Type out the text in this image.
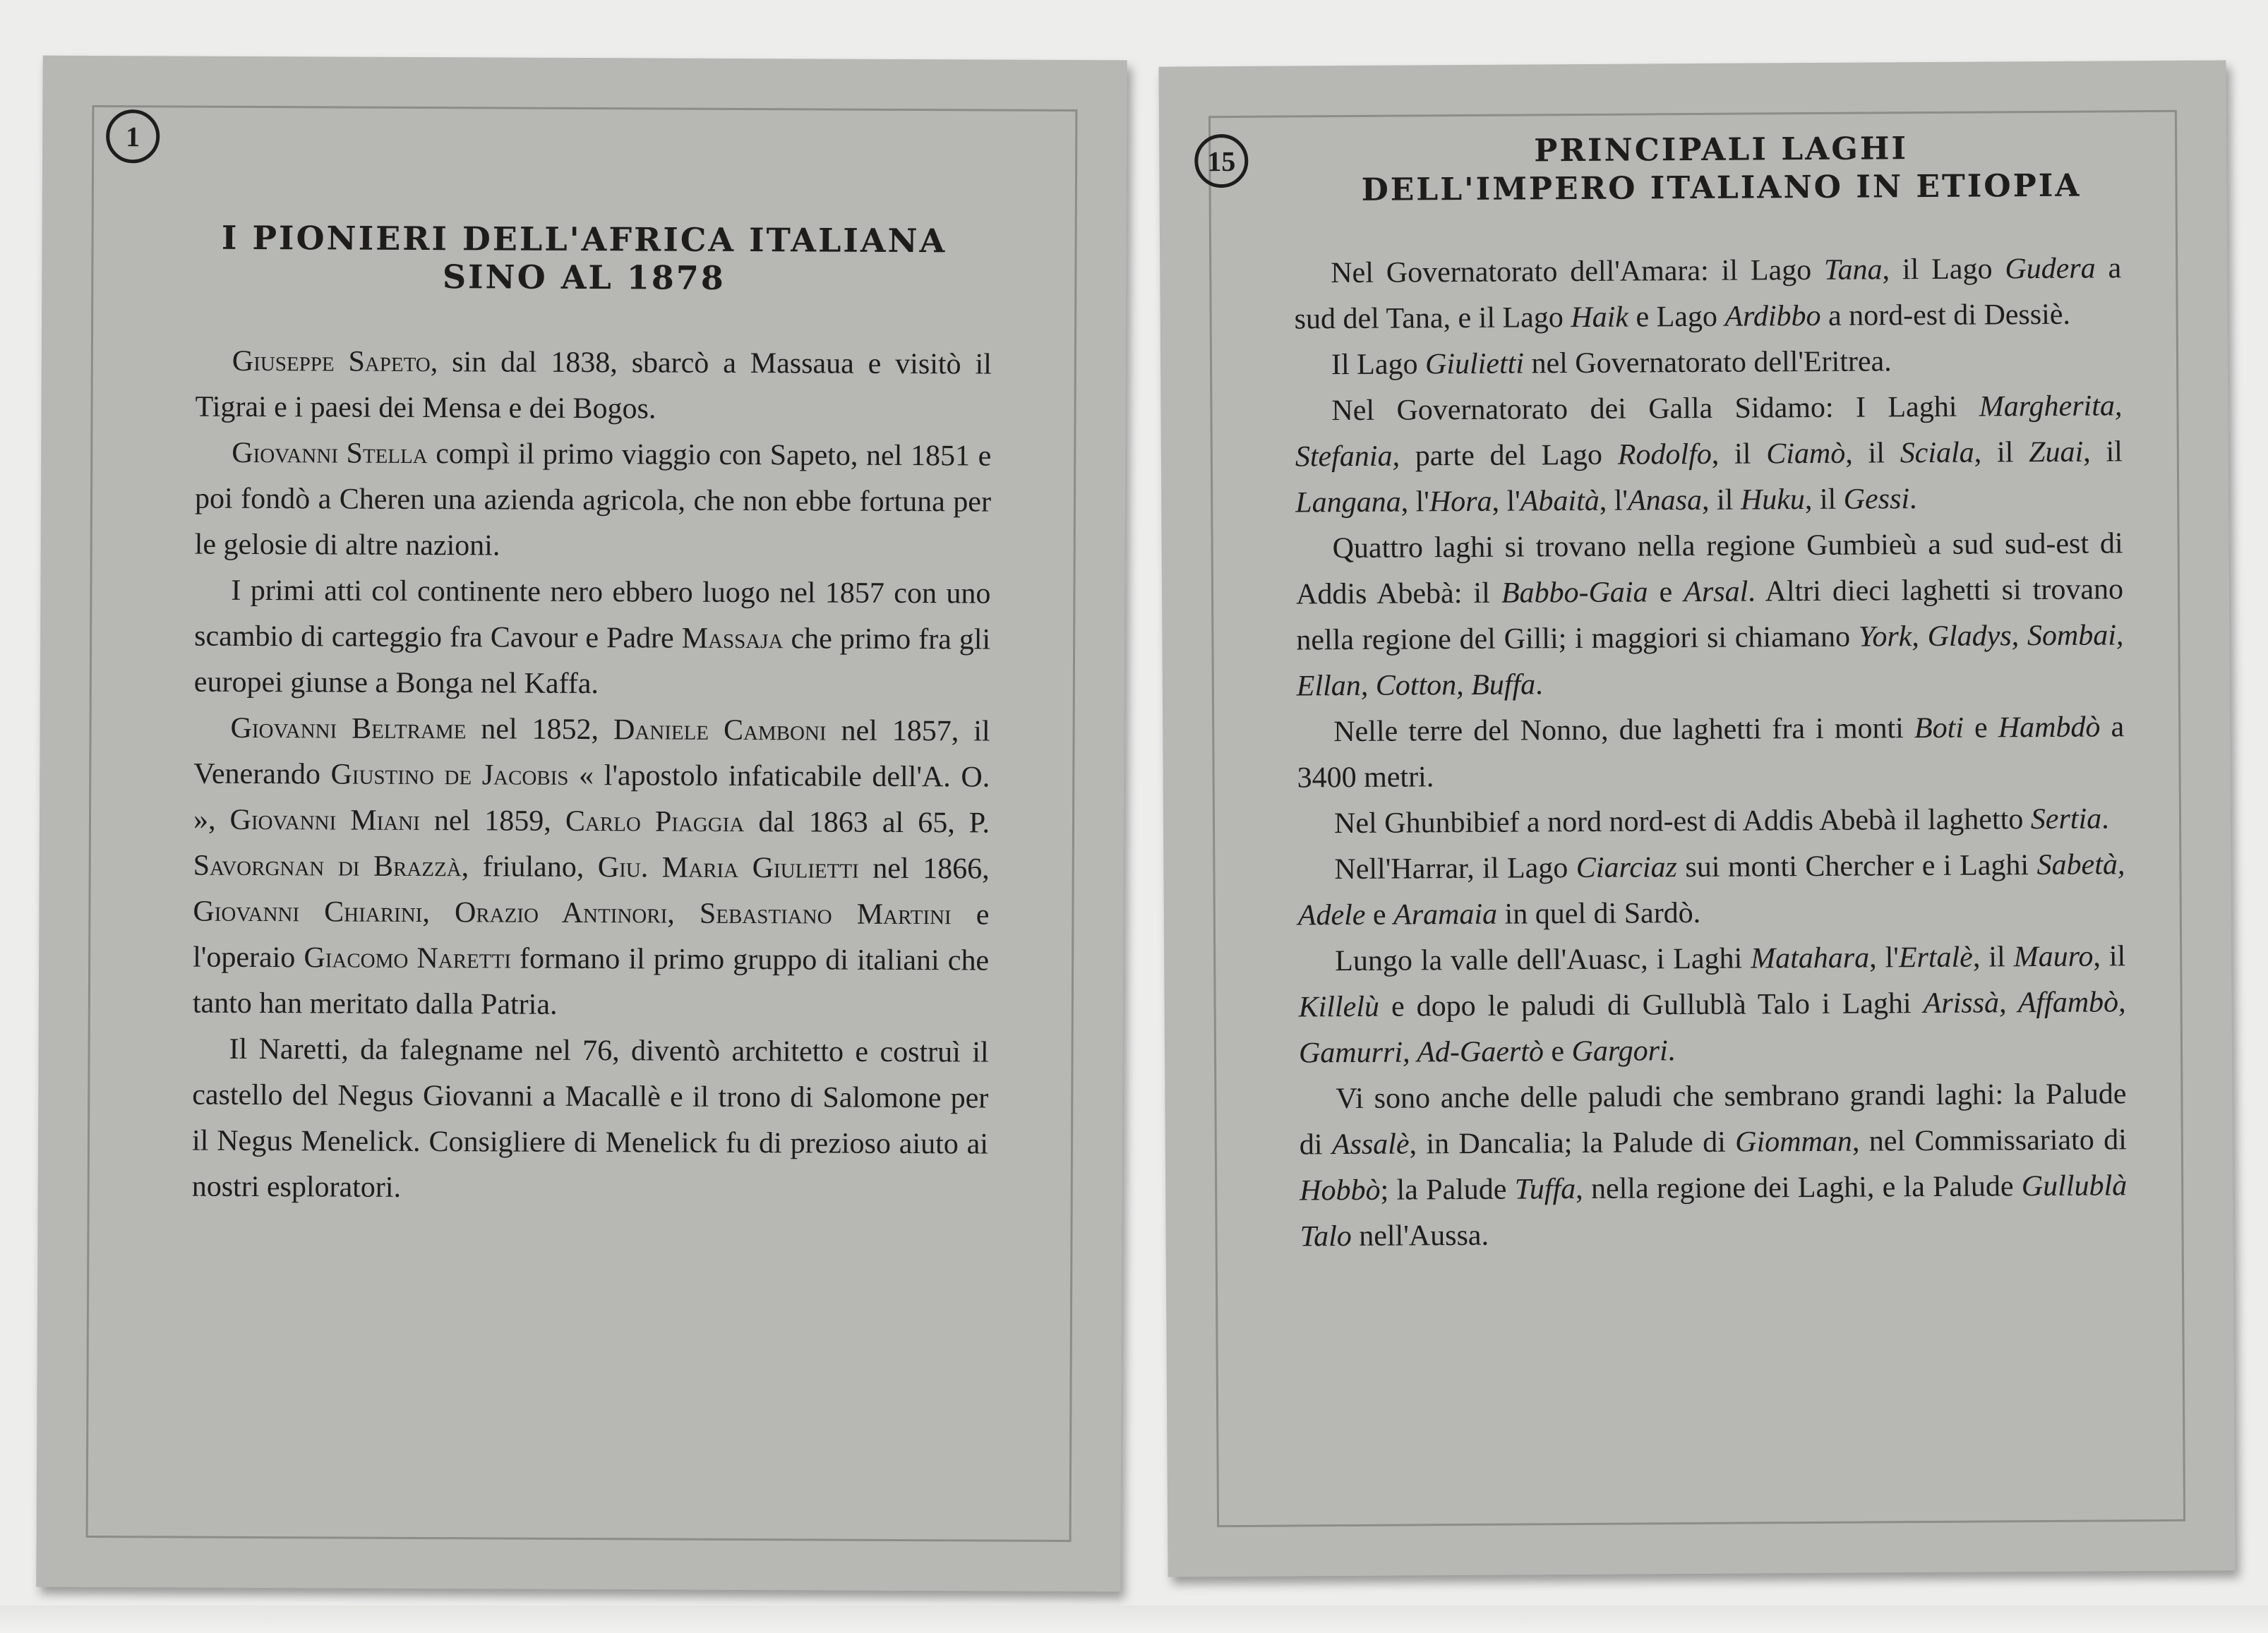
1
I PIONIERI DELL'AFRICA ITALIANA
SINO AL 1878

Giuseppe Sapeto, sin dal 1838, sbarcò a Massaua e visitò il Tigrai e i paesi dei Mensa e dei Bogos.

Giovanni Stella compì il primo viaggio con Sapeto, nel 1851 e poi fondò a Cheren una azienda agricola, che non ebbe fortuna per le gelosie di altre nazioni.

I primi atti col continente nero ebbero luogo nel 1857 con uno scambio di carteggio fra Cavour e Padre Massaja che primo fra gli europei giunse a Bonga nel Kaffa.

Giovanni Beltrame nel 1852, Daniele Camboni nel 1857, il Venerando Giustino de Jacobis « l'apostolo infaticabile dell'A. O. », Giovanni Miani nel 1859, Carlo Piaggia dal 1863 al 65, P. Savorgnan di Brazzà, friulano, Giu. Maria Giulietti nel 1866, Giovanni Chiarini, Orazio Antinori, Sebastiano Martini e l'operaio Giacomo Naretti formano il primo gruppo di italiani che tanto han meritato dalla Patria.

Il Naretti, da falegname nel 76, diventò architetto e costruì il castello del Negus Giovanni a Macallè e il trono di Salomone per il Negus Menelick. Consigliere di Menelick fu di prezioso aiuto ai nostri esploratori.

15	PRINCIPALI LAGHI
DELL'IMPERO ITALIANO IN ETIOPIA

Nel Governatorato dell'Amara: il Lago Tana, il Lago Gudera a sud del Tana, e il Lago Haik e Lago Ardibbo a nord-est di Dessiè.

Il Lago Giulietti nel Governatorato dell'Eritrea.

Nel Governatorato dei Galla Sidamo: I Laghi Margherita, Stefania, parte del Lago Rodolfo, il Ciamò, il Sciala, il Zuai, il Langana, l'Hora, l'Abaità, l'Anasa, il Huku, il Gessi.

Quattro laghi si trovano nella regione Gumbieù a sud sud-est di Addis Abebà: il Babbo-Gaia e Arsal. Altri dieci laghetti si trovano nella regione del Gilli; i maggiori si chiamano York, Gladys, Sombai, Ellan, Cotton, Buffa.

Nelle terre del Nonno, due laghetti fra i monti Boti e Hambdò a 3400 metri.

Nel Ghunbibief a nord nord-est di Addis Abebà il laghetto Sertia.

Nell'Harrar, il Lago Ciarciaz sui monti Chercher e i Laghi Sabetà, Adele e Aramaia in quel di Sardò.

Lungo la valle dell'Auasc, i Laghi Matahara, l'Ertalè, il Mauro, il Killelù e dopo le paludi di Gullublà Talo i Laghi Arissà, Affambò, Gamurri, Ad-Gaertò e Gargori.

Vi sono anche delle paludi che sembrano grandi laghi: la Palude di Assalè, in Dancalia; la Palude di Giomman, nel Commissariato di Hobbò; la Palude Tuffa, nella regione dei Laghi, e la Palude Gullublà Talo nell'Aussa.
